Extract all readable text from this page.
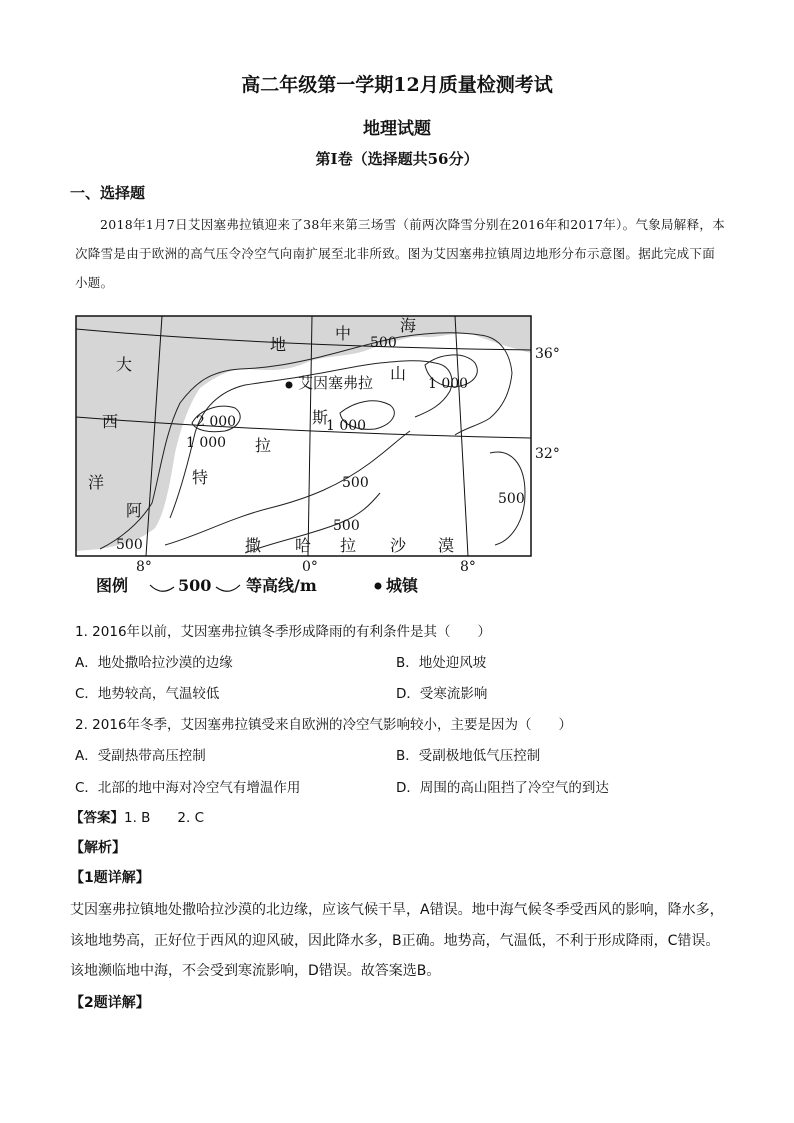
高二年级第一学期12月质量检测考试
地理试题
第Ⅰ卷（选择题共56分）
一、选择题
2018年1月7日艾因塞弗拉镇迎来了38年来第三场雪（前两次降雪分别在2016年和2017年）。气象局解释，本次降雪是由于欧洲的高气压令冷空气向南扩展至北非所致。图为艾因塞弗拉镇周边地形分布示意图。据此完成下面小题。
500
1 000
2 000
1 000
1 000
500
500
500
500
大
西
洋
地
中	海
阿
特
拉
斯
山
撒 哈 拉 沙 漠
艾因塞弗拉
36°
32°
8°	0°	8°
图例	500 等高线/m	城镇
1. 2016年以前，艾因塞弗拉镇冬季形成降雨的有利条件是其（　　）
A．地处撒哈拉沙漠的边缘	B．地处迎风坡
C．地势较高，气温较低	D．受寒流影响
2. 2016年冬季，艾因塞弗拉镇受来自欧洲的冷空气影响较小，主要是因为（　　）
A．受副热带高压控制	B．受副极地低气压控制
C．北部的地中海对冷空气有增温作用	D．周围的高山阻挡了冷空气的到达
【答案】1. B　　2. C
【解析】
【1题详解】
艾因塞弗拉镇地处撒哈拉沙漠的北边缘，应该气候干旱，A错误。地中海气候冬季受西风的影响，降水多，该地地势高，正好位于西风的迎风破，因此降水多，B正确。地势高，气温低，不利于形成降雨，C错误。该地濒临地中海，不会受到寒流影响，D错误。故答案选B。
【2题详解】
